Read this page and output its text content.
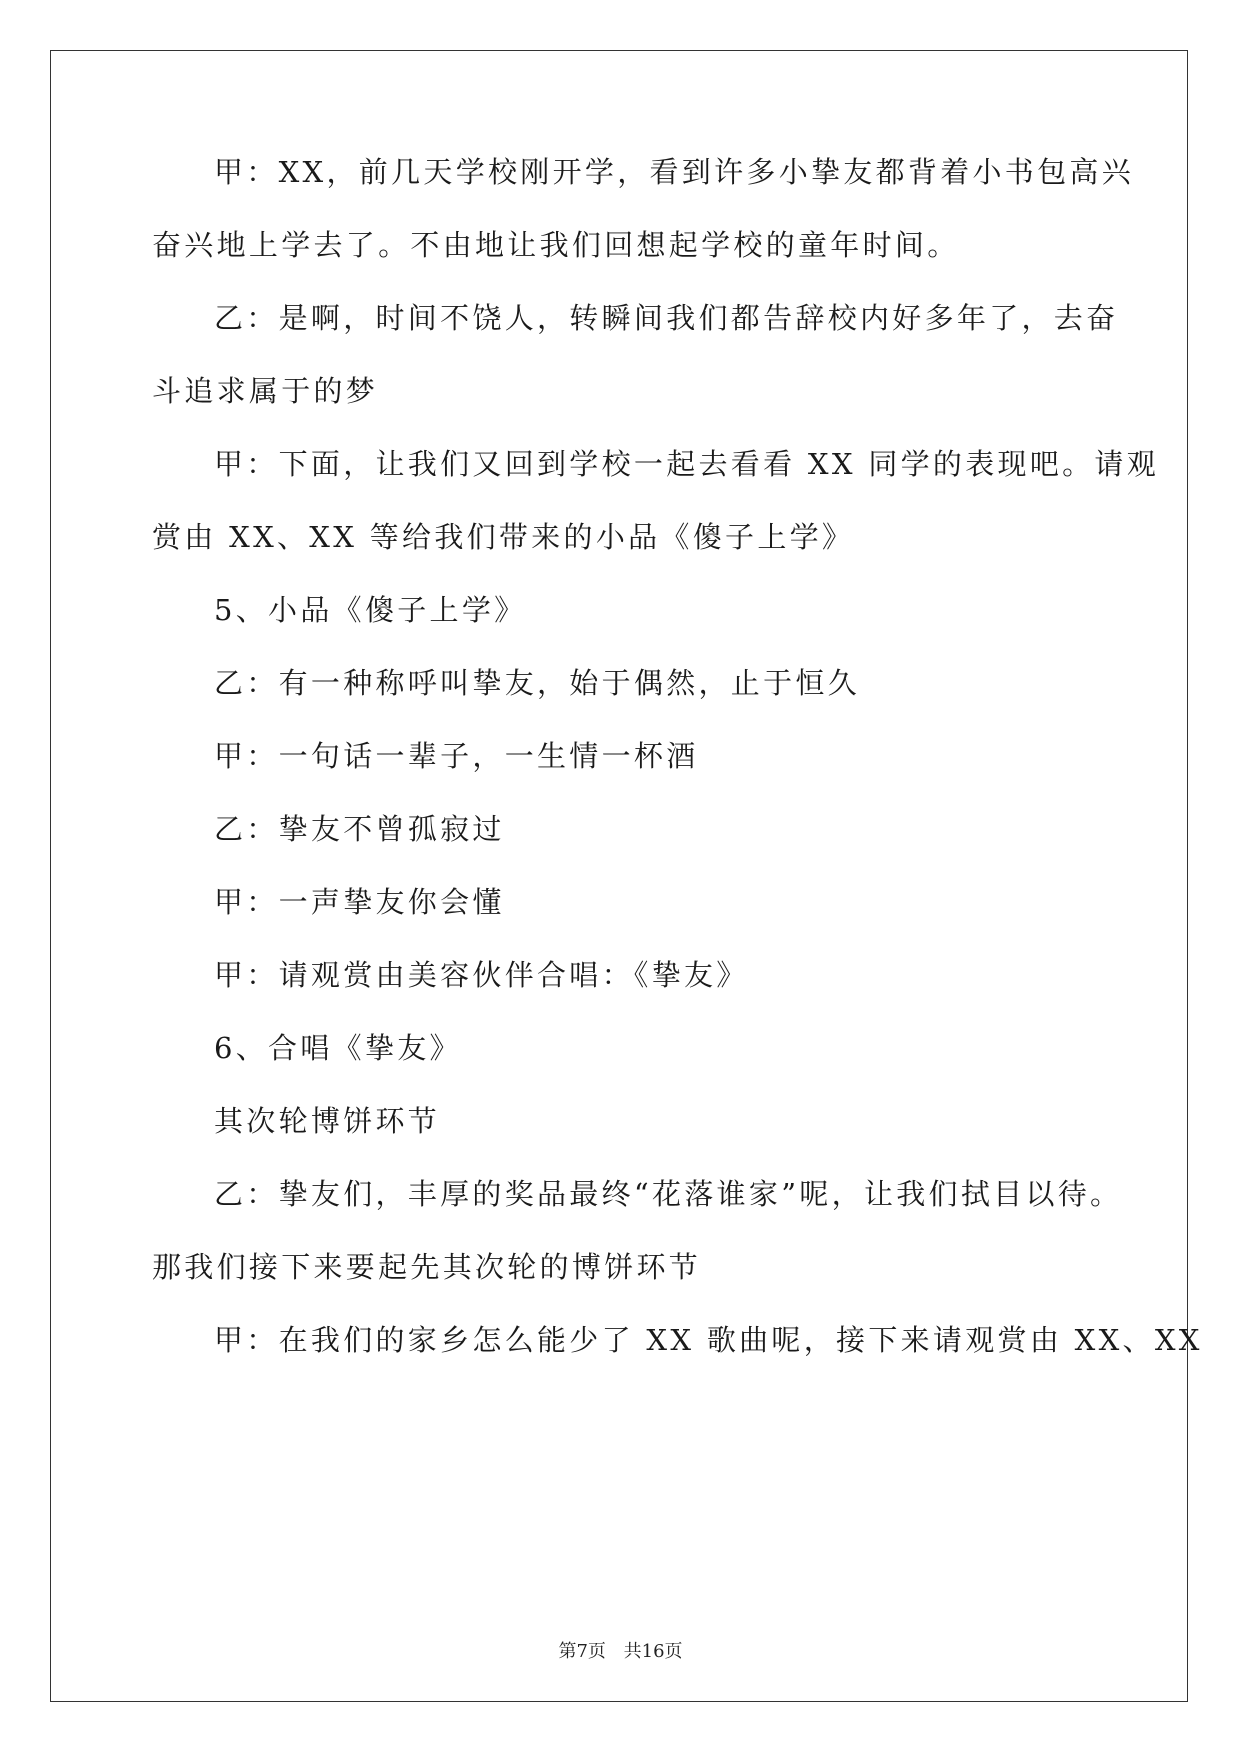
甲：XX，前几天学校刚开学，看到许多小挚友都背着小书包高兴
奋兴地上学去了。不由地让我们回想起学校的童年时间。
乙：是啊，时间不饶人，转瞬间我们都告辞校内好多年了，去奋
斗追求属于的梦
甲：下面，让我们又回到学校一起去看看 XX 同学的表现吧。请观
赏由 XX、XX 等给我们带来的小品《傻子上学》
5、小品《傻子上学》
乙：有一种称呼叫挚友，始于偶然，止于恒久
甲：一句话一辈子，一生情一杯酒
乙：挚友不曾孤寂过
甲：一声挚友你会懂
甲：请观赏由美容伙伴合唱：《挚友》
6、合唱《挚友》
其次轮博饼环节
乙：挚友们，丰厚的奖品最终“花落谁家”呢，让我们拭目以待。
那我们接下来要起先其次轮的博饼环节
甲：在我们的家乡怎么能少了 XX 歌曲呢，接下来请观赏由 XX、XX
第7页 共16页
